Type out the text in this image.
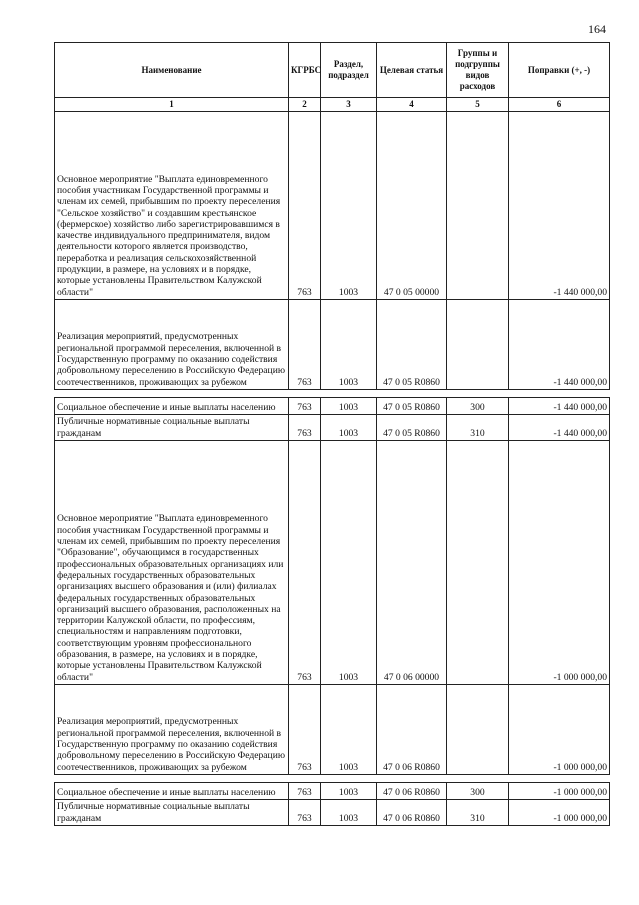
164
Наименование	КГРБС	Раздел, подраздел	Целевая статья	Группы и подгруппы видов расходов	Поправки (+, -)
1	2	3	4	5	6
Основное мероприятие "Выплата единовременного пособия участникам Государственной программы и членам их семей, прибывшим по проекту переселения "Сельское хозяйство" и создавшим крестьянское (фермерское) хозяйство либо зарегистрировавшимся в качестве индивидуального предпринимателя, видом деятельности которого является производство, переработка и реализация сельскохозяйственной продукции, в размере, на условиях и в порядке, которые установлены Правительством Калужской области"	763	1003	47 0 05 00000		-1 440 000,00
Реализация мероприятий, предусмотренных региональной программой переселения, включенной в Государственную программу по оказанию содействия добровольному переселению в Российскую Федерацию соотечественников, проживающих за рубежом	763	1003	47 0 05 R0860		-1 440 000,00

Социальное обеспечение и иные выплаты населению	763	1003	47 0 05 R0860	300	-1 440 000,00
Публичные нормативные социальные выплаты гражданам	763	1003	47 0 05 R0860	310	-1 440 000,00
Основное мероприятие "Выплата единовременного пособия участникам Государственной программы и членам их семей, прибывшим по проекту переселения "Образование", обучающимся в государственных профессиональных образовательных организациях или федеральных государственных образовательных организациях высшего образования и (или) филиалах федеральных государственных образовательных организаций высшего образования, расположенных на территории Калужской области, по профессиям, специальностям и направлениям подготовки, соответствующим уровням профессионального образования, в размере, на условиях и в порядке, которые установлены Правительством Калужской области"	763	1003	47 0 06 00000		-1 000 000,00
Реализация мероприятий, предусмотренных региональной программой переселения, включенной в Государственную программу по оказанию содействия добровольному переселению в Российскую Федерацию соотечественников, проживающих за рубежом	763	1003	47 0 06 R0860		-1 000 000,00

Социальное обеспечение и иные выплаты населению	763	1003	47 0 06 R0860	300	-1 000 000,00
Публичные нормативные социальные выплаты гражданам	763	1003	47 0 06 R0860	310	-1 000 000,00
